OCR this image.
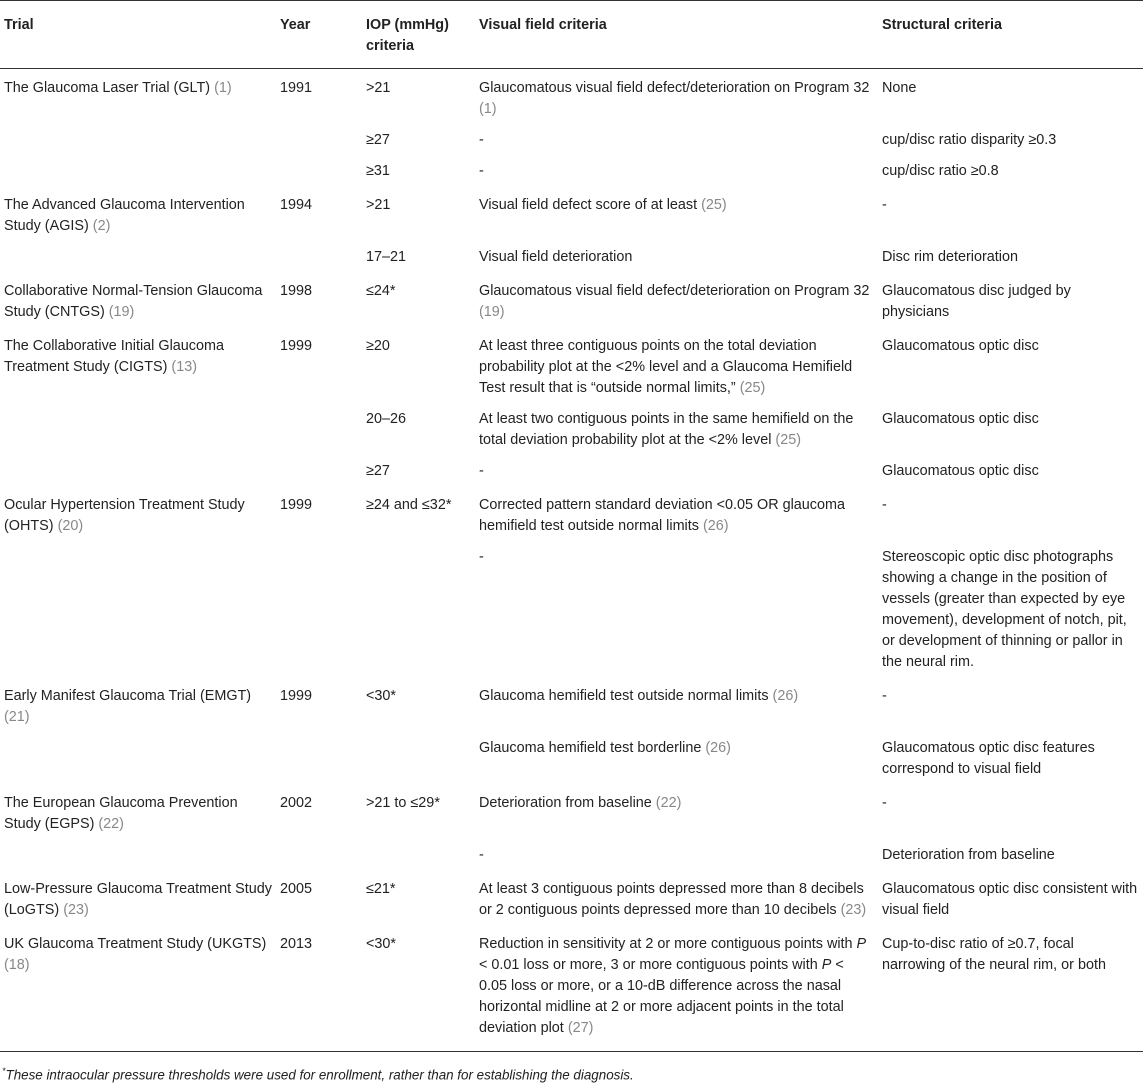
Trial	Year	IOP (mmHg) criteria	Visual field criteria	Structural criteria
The Glaucoma Laser Trial (GLT) (1)	1991	>21	Glaucomatous visual field defect/deterioration on Program 32 (1)	None
		≥27	-	cup/disc ratio disparity ≥0.3
		≥31	-	cup/disc ratio ≥0.8
The Advanced Glaucoma Intervention Study (AGIS) (2)	1994	>21	Visual field defect score of at least (25)	-
		17–21	Visual field deterioration	Disc rim deterioration
Collaborative Normal-Tension Glaucoma Study (CNTGS) (19)	1998	≤24*	Glaucomatous visual field defect/deterioration on Program 32 (19)	Glaucomatous disc judged by physicians
The Collaborative Initial Glaucoma Treatment Study (CIGTS) (13)	1999	≥20	At least three contiguous points on the total deviation probability plot at the <2% level and a Glaucoma Hemifield Test result that is “outside normal limits,” (25)	Glaucomatous optic disc
		20–26	At least two contiguous points in the same hemifield on the total deviation probability plot at the <2% level (25)	Glaucomatous optic disc
		≥27	-	Glaucomatous optic disc
Ocular Hypertension Treatment Study (OHTS) (20)	1999	≥24 and ≤32*	Corrected pattern standard deviation <0.05 OR glaucoma hemifield test outside normal limits (26)	-
			-	Stereoscopic optic disc photographs showing a change in the position of vessels (greater than expected by eye movement), development of notch, pit, or development of thinning or pallor in the neural rim.
Early Manifest Glaucoma Trial (EMGT) (21)	1999	<30*	Glaucoma hemifield test outside normal limits (26)	-
			Glaucoma hemifield test borderline (26)	Glaucomatous optic disc features correspond to visual field
The European Glaucoma Prevention Study (EGPS) (22)	2002	>21 to ≤29*	Deterioration from baseline (22)	-
			-	Deterioration from baseline
Low-Pressure Glaucoma Treatment Study (LoGTS) (23)	2005	≤21*	At least 3 contiguous points depressed more than 8 decibels or 2 contiguous points depressed more than 10 decibels (23)	Glaucomatous optic disc consistent with visual field
UK Glaucoma Treatment Study (UKGTS) (18)	2013	<30*	Reduction in sensitivity at 2 or more contiguous points with P < 0.01 loss or more, 3 or more contiguous points with P < 0.05 loss or more, or a 10-dB difference across the nasal horizontal midline at 2 or more adjacent points in the total deviation plot (27)	Cup-to-disc ratio of ≥0.7, focal narrowing of the neural rim, or both
*These intraocular pressure thresholds were used for enrollment, rather than for establishing the diagnosis.
